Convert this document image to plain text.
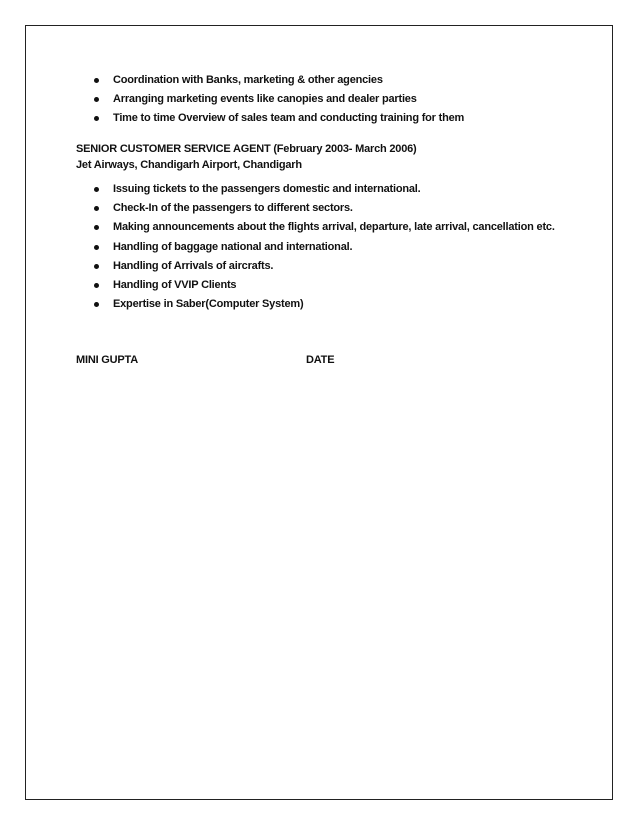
Coordination with Banks, marketing & other agencies
Arranging marketing events like canopies and dealer parties
Time to time Overview of sales team and conducting training for them
SENIOR CUSTOMER SERVICE AGENT (February 2003- March 2006)
Jet Airways, Chandigarh Airport, Chandigarh
Issuing tickets to the passengers domestic and international.
Check-In of the passengers to different sectors.
Making announcements about the flights arrival, departure, late arrival, cancellation etc.
Handling of baggage national and international.
Handling of Arrivals of aircrafts.
Handling of VVIP Clients
Expertise in Saber(Computer System)
MINI GUPTA	DATE
